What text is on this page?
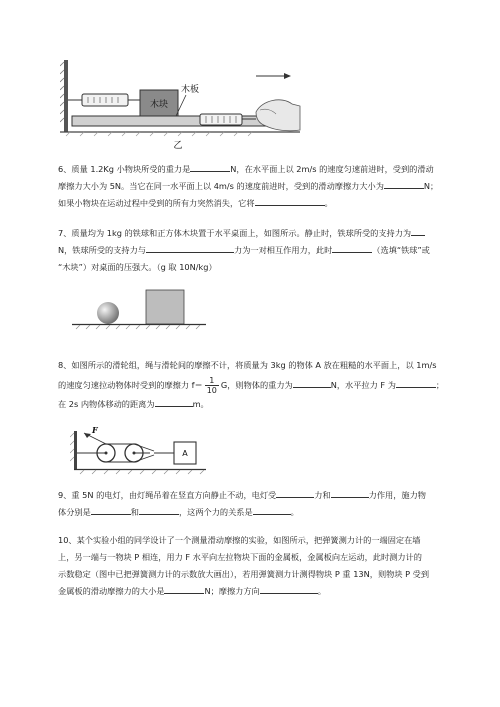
木块
木板
乙
6、质量 1.2Kg 小物块所受的重力是	N，在水平面上以 2m/s 的速度匀速前进时，受到的滑动
摩擦力大小为 5N。当它在同一水平面上以 4m/s 的速度前进时，受到的滑动摩擦力大小为	N；
如果小物块在运动过程中受到的所有力突然消失，它将	。
7、质量均为 1kg 的铁球和正方体木块置于水平桌面上，如图所示。静止时，铁球所受的支持力为
N，铁球所受的支持力与	力为一对相互作用力，此时	（选填“铁球”或
“木块”）对桌面的压强大。（g 取 10N/kg）
8、如图所示的滑轮组，绳与滑轮间的摩擦不计，将质量为 3kg 的物体 A 放在粗糙的水平面上，以 1m/s
的速度匀速拉动物体时受到的摩擦力 $f= \frac{1}{10}$ G，则物体的重力为	N，水平拉力 F 为	；
在 2s 内物体移动的距离为	m。
F
A
9、重 5N 的电灯，由灯绳吊着在竖直方向静止不动，电灯受	力和	力作用，施力物
体分别是	和	，这两个力的关系是	。
10、某个实验小组的同学设计了一个测量滑动摩擦的实验，如图所示，把弹簧测力计的一端固定在墙
上，另一端与一物块 P 相连，用力 F 水平向左拉物块下面的金属板，金属板向左运动，此时测力计的
示数稳定（图中已把弹簧测力计的示数放大画出），若用弹簧测力计测得物块 P 重 13N，则物块 P 受到
金属板的滑动摩擦力的大小是	N；摩擦力方向	。
